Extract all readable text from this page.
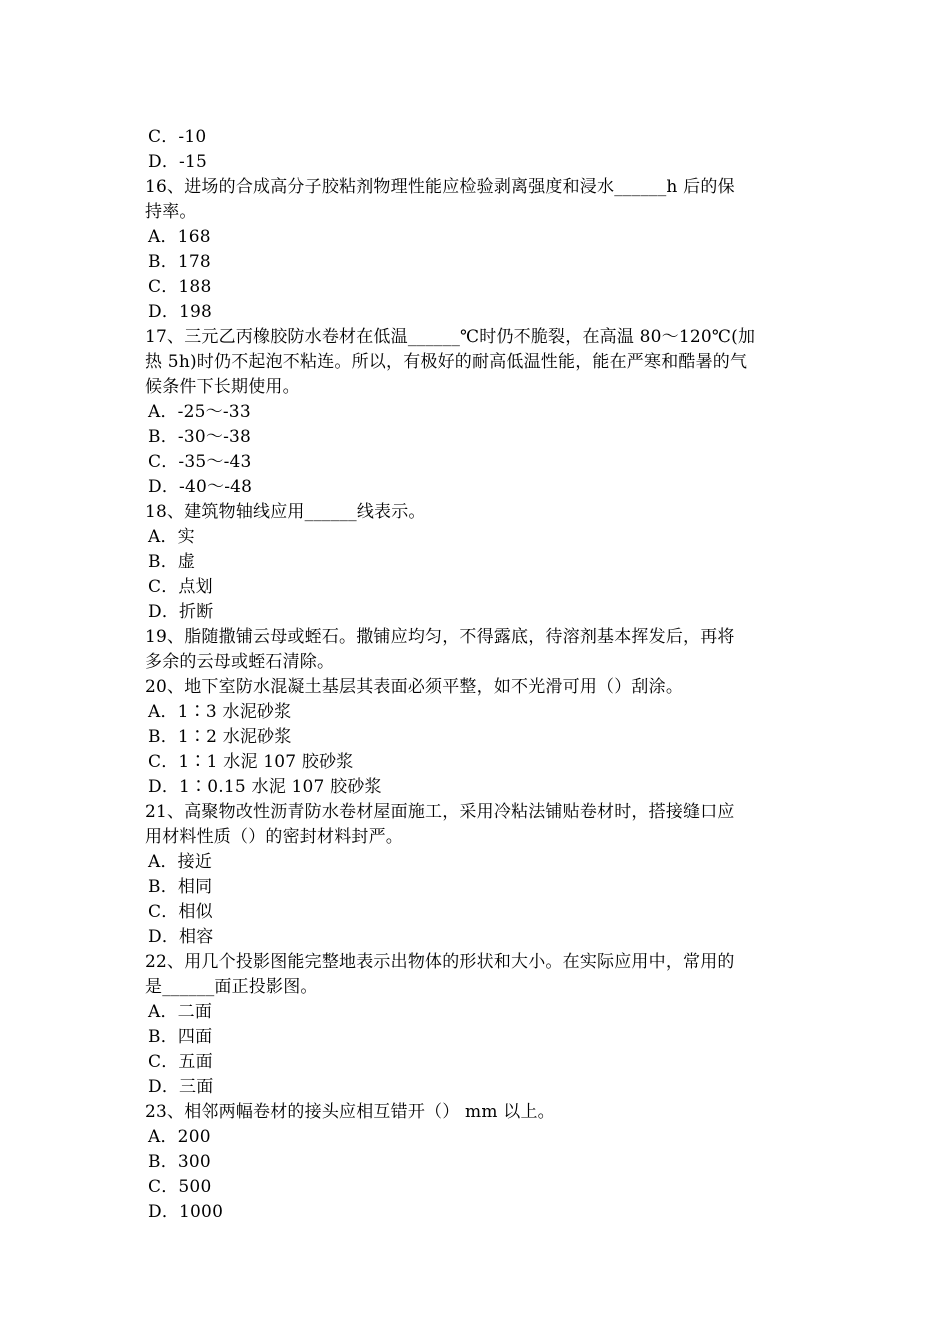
C．-10
D．-15
16、进场的合成高分子胶粘剂物理性能应检验剥离强度和浸水______h 后的保
持率。
A．168
B．178
C．188
D．198
17、三元乙丙橡胶防水卷材在低温______℃时仍不脆裂，在高温 80～120℃(加
热 5h)时仍不起泡不粘连。所以，有极好的耐高低温性能，能在严寒和酷暑的气
候条件下长期使用。
A．-25～-33
B．-30～-38
C．-35～-43
D．-40～-48
18、建筑物轴线应用______线表示。
A．实
B．虚
C．点划
D．折断
19、脂随撒铺云母或蛭石。撒铺应均匀，不得露底，待溶剂基本挥发后，再将
多余的云母或蛭石清除。
20、地下室防水混凝土基层其表面必须平整，如不光滑可用（）刮涂。
A．1∶3 水泥砂浆
B．1∶2 水泥砂浆
C．1∶1 水泥 107 胶砂浆
D．1∶0.15 水泥 107 胶砂浆
21、高聚物改性沥青防水卷材屋面施工，采用冷粘法铺贴卷材时，搭接缝口应
用材料性质（）的密封材料封严。
A．接近
B．相同
C．相似
D．相容
22、用几个投影图能完整地表示出物体的形状和大小。在实际应用中，常用的
是______面正投影图。
A．二面
B．四面
C．五面
D．三面
23、相邻两幅卷材的接头应相互错开（） mm 以上。
A．200
B．300
C．500
D．1000
